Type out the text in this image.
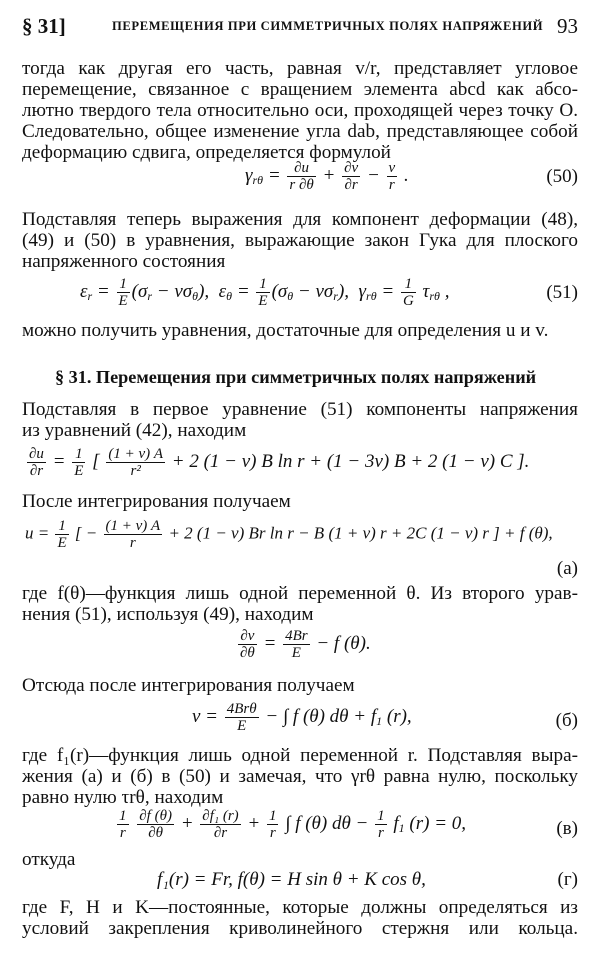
§ 31]	ПЕРЕМЕЩЕНИЯ ПРИ СИММЕТРИЧНЫХ ПОЛЯХ НАПРЯЖЕНИЙ 93
тогда как другая его часть, равная v/r, представляет угловое
перемещение, связанное с вращением элемента abcd как абсо-
лютно твердого тела относительно оси, проходящей через точку O.
Следовательно, общее изменение угла dab, представляющее собой
деформацию сдвига, определяется формулой
$\gamma_{r\theta} = \frac{\partial u}{r \partial\theta} + \frac{\partial v}{\partial r} - \frac{v}{r}$ .	(50)
Подставляя теперь выражения для компонент деформации (48),
(49) и (50) в уравнения, выражающие закон Гука для плоского
напряженного состояния
$\varepsilon_r = \frac{1}{E} (\sigma_r - \nu\sigma_\theta)$,  $\varepsilon_\theta = \frac{1}{E} (\sigma_\theta - \nu\sigma_r)$,  $\gamma_{r\theta} = \frac{1}{G} \tau_{r\theta}$ ,	(51)
можно получить уравнения, достаточные для определения u и v.
§ 31. Перемещения при симметричных полях напряжений
Подставляя в первое уравнение (51) компоненты напряжения
из уравнений (42), находим
$\frac{\partial u}{\partial r} = \frac{1}{E}$ [ $\frac{(1 + \nu) A}{\text{r²}} + 2$ (1 − ν) B ln r + (1 − 3ν) B + 2 (1 − ν) C ].
После интегрирования получаем
$u = \frac{1}{E}$ [ − $\frac{(1 + \nu) A}{r} + 2$ (1 − ν) Br ln r − B (1 + ν) r + 2C (1 − ν) r ] + f (θ),
(а)
где f(θ)—функция лишь одной переменной θ. Из второго урав-
нения (51), используя (49), находим
$\frac{\partial v}{\partial\theta} = \frac{4Br}{E} - f$ (θ).
Отсюда после интегрирования получаем
$v = \frac{\text{4Brθ}}{E}$ − ∫ f (θ) $d\theta + f_1$ (r),	(б)
где f₁(r)—функция лишь одной переменной r. Подставляя выра-
жения (а) и (б) в (50) и замечая, что γrθ равна нулю, поскольку
равно нулю τrθ, находим
$\frac{1}{r}$
$\frac{\partial f (\theta)}{\partial\theta} + \frac{\text{∂f₁ (r)}}{\partial r} + \frac{1}{r}$ ∫ f (θ) $d\theta - \frac{1}{r} f_1$ (r) = 0,	(в)
откуда
f₁(r) = Fr, f(θ) = H sin θ + K cos θ,	(г)
где F, H и K—постоянные, которые должны определяться из
условий закрепления криволинейного стержня или кольца.
